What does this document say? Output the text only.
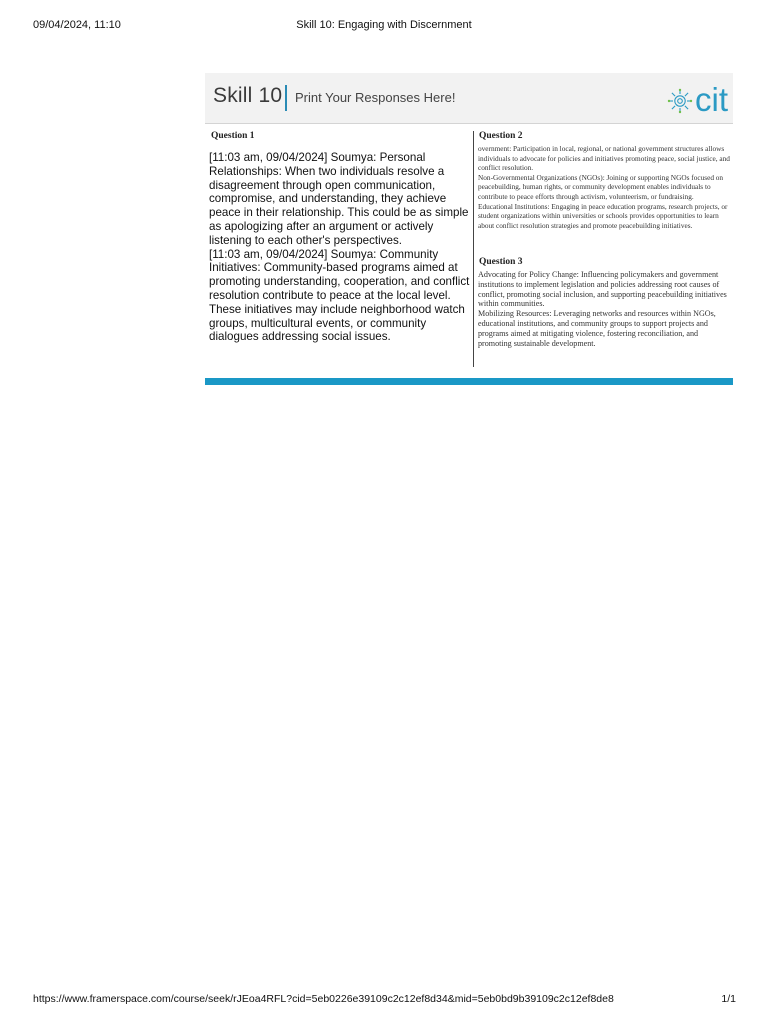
09/04/2024, 11:10	Skill 10: Engaging with Discernment
Skill 10 Print Your Responses Here!	cit
Question 1
[11:03 am, 09/04/2024] Soumya: Personal Relationships: When two individuals resolve a disagreement through open communication, compromise, and understanding, they achieve peace in their relationship. This could be as simple as apologizing after an argument or actively listening to each other's perspectives.
[11:03 am, 09/04/2024] Soumya: Community Initiatives: Community-based programs aimed at promoting understanding, cooperation, and conflict resolution contribute to peace at the local level. These initiatives may include neighborhood watch groups, multicultural events, or community dialogues addressing social issues.
Question 2

overnment: Participation in local, regional, or national government structures allows individuals to advocate for policies and initiatives promoting peace, social justice, and conflict resolution.

Non-Governmental Organizations (NGOs): Joining or supporting NGOs focused on peacebuilding, human rights, or community development enables individuals to contribute to peace efforts through activism, volunteerism, or fundraising.

Educational Institutions: Engaging in peace education programs, research projects, or student organizations within universities or schools provides opportunities to learn about conflict resolution strategies and promote peacebuilding initiatives.

Question 3

Advocating for Policy Change: Influencing policymakers and government institutions to implement legislation and policies addressing root causes of conflict, promoting social inclusion, and supporting peacebuilding initiatives within communities.

Mobilizing Resources: Leveraging networks and resources within NGOs, educational institutions, and community groups to support projects and programs aimed at mitigating violence, fostering reconciliation, and promoting sustainable development.

https://www.framerspace.com/course/seek/rJEoa4RFL?cid=5eb0226e39109c2c12ef8d34&mid=5eb0bd9b39109c2c12ef8de8	1/1
